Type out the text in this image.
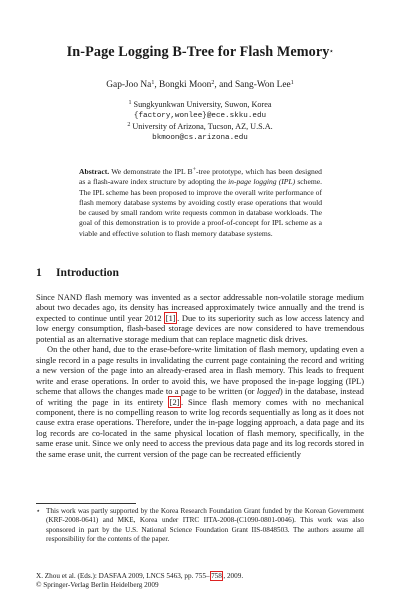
In-Page Logging B-Tree for Flash Memory⋆
Gap-Joo Na$^1$, Bongki Moon$^2$, and Sang-Won Lee$^1$
$^1$ Sungkyunkwan University, Suwon, Korea
{factory,wonlee}@ece.skku.edu
$^2$ University of Arizona, Tucson, AZ, U.S.A.
bkmoon@cs.arizona.edu
Abstract. We demonstrate the IPL B+-tree prototype, which has been designed as a flash-aware index structure by adopting the in-page logging (IPL) scheme. The IPL scheme has been proposed to improve the overall write performance of flash memory database systems by avoiding costly erase operations that would be caused by small random write requests common in database workloads. The goal of this demonstration is to provide a proof-of-concept for IPL scheme as a viable and effective solution to flash memory database systems.
1 Introduction

Since NAND flash memory was invented as a sector addressable non-volatile storage medium about two decades ago, its density has increased approximately twice annually and the trend is expected to continue until year 2012 [1] . Due to its superiority such as low access latency and low energy consumption, flash-based storage devices are now considered to have tremendous potential as an alternative storage medium that can replace magnetic disk drives.

On the other hand, due to the erase-before-write limitation of flash memory, updating even a single record in a page results in invalidating the current page containing the record and writing a new version of the page into an already-erased area in flash memory. This leads to frequent write and erase operations. In order to avoid this, we have proposed the in-page logging (IPL) scheme that allows the changes made to a page to be written (or logged) in the database, instead of writing the page in its entirety [2] . Since flash memory comes with no mechanical component, there is no compelling reason to write log records sequentially as long as it does not cause extra erase operations. Therefore, under the in-page logging approach, a data page and its log records are co-located in the same physical location of flash memory, specifically, in the same erase unit. Since we only need to access the previous data page and its log records stored in the same erase unit, the current version of the page can be recreated efficiently

⋆ This work was partly supported by the Korea Research Foundation Grant funded by the Korean Government (KRF-2008-0641) and MKE, Korea under ITRC IITA-2008-(C1090-0801-0046). This work was also sponsored in part by the U.S. National Science Foundation Grant IIS-0848503. The authors assume all responsibility for the contents of the paper.
X. Zhou et al. (Eds.): DASFAA 2009, LNCS 5463, pp. 755– 758 , 2009.
© Springer-Verlag Berlin Heidelberg 2009
